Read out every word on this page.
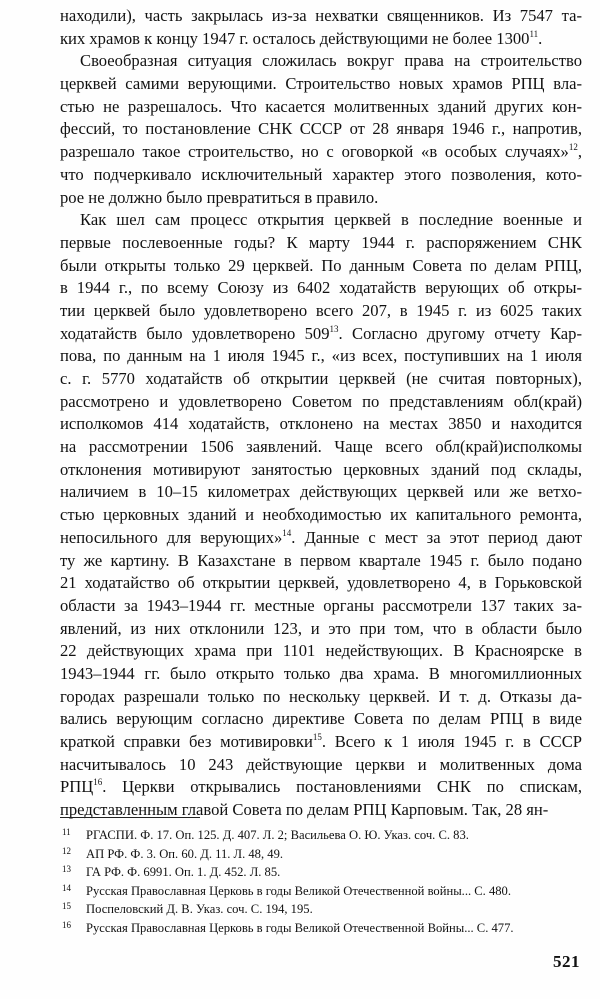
находили), часть закрылась из-за нехватки священников. Из 7547 та-
ких храмов к концу 1947 г. осталось действующими не более 1300$^{11}$.
Своеобразная ситуация сложилась вокруг права на строительство
церквей самими верующими. Строительство новых храмов РПЦ вла-
стью не разрешалось. Что касается молитвенных зданий других кон-
фессий, то постановление СНК СССР от 28 января 1946 г., напротив,
разрешало такое строительство, но с оговоркой «в особых случаях»$^{12}$,
что подчеркивало исключительный характер этого позволения, кото-
рое не должно было превратиться в правило.
Как шел сам процесс открытия церквей в последние военные и
первые послевоенные годы? К марту 1944 г. распоряжением СНК
были открыты только 29 церквей. По данным Совета по делам РПЦ,
в 1944 г., по всему Союзу из 6402 ходатайств верующих об откры-
тии церквей было удовлетворено всего 207, в 1945 г. из 6025 таких
ходатайств было удовлетворено $509^{13}$. Согласно другому отчету Кар-
пова, по данным на 1 июля 1945 г., «из всех, поступивших на 1 июля
с. г. 5770 ходатайств об открытии церквей (не считая повторных),
рассмотрено и удовлетворено Советом по представлениям обл(край)
исполкомов 414 ходатайств, отклонено на местах 3850 и находится
на рассмотрении 1506 заявлений. Чаще всего обл(край)исполкомы
отклонения мотивируют занятостью церковных зданий под склады,
наличием в 10–15 километрах действующих церквей или же ветхо-
стью церковных зданий и необходимостью их капитального ремонта,
непосильного для верующих»$^{14}$. Данные с мест за этот период дают
ту же картину. В Казахстане в первом квартале 1945 г. было подано
21 ходатайство об открытии церквей, удовлетворено 4, в Горьковской
области за 1943–1944 гг. местные органы рассмотрели 137 таких за-
явлений, из них отклонили 123, и это при том, что в области было
22 действующих храма при 1101 недействующих. В Красноярске в
1943–1944 гг. было открыто только два храма. В многомиллионных
городах разрешали только по нескольку церквей. И т. д. Отказы да-
вались верующим согласно директиве Совета по делам РПЦ в виде
краткой справки без мотивировки$^{15}$. Всего к 1 июля 1945 г. в СССР
насчитывалось 10 243 действующие церкви и молитвенных дома
РПЦ$^{16}$. Церкви открывались постановлениями СНК по спискам,
представленным главой Совета по делам РПЦ Карповым. Так, 28 ян-
11 РГАСПИ. Ф. 17. Оп. 125. Д. 407. Л. 2; Васильева О. Ю. Указ. соч. С. 83.
12 АП РФ. Ф. 3. Оп. 60. Д. 11. Л. 48, 49.
13 ГА РФ. Ф. 6991. Оп. 1. Д. 452. Л. 85.
14 Русская Православная Церковь в годы Великой Отечественной войны... С. 480.
15 Поспеловский Д. В. Указ. соч. С. 194, 195.
16 Русская Православная Церковь в годы Великой Отечественной Войны... С. 477.
521
